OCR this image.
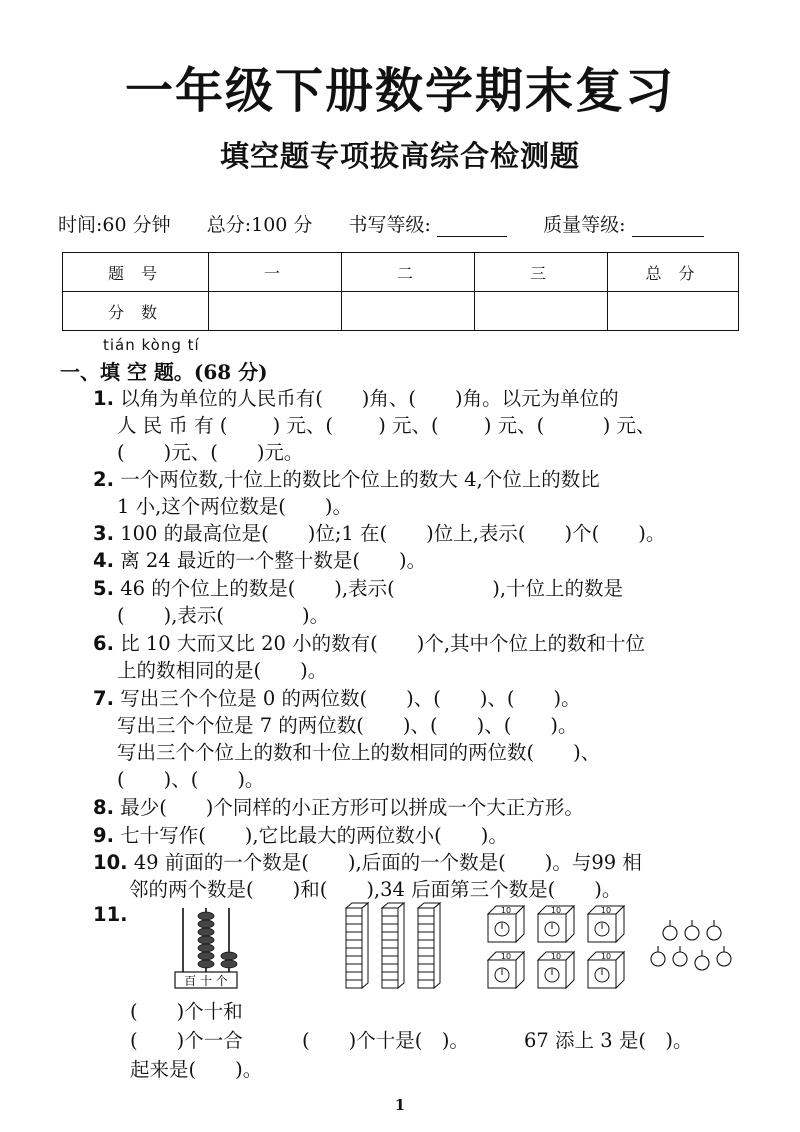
一年级下册数学期末复习
填空题专项拔高综合检测题
时间:60 分钟 总分:100 分 书写等级:	质量等级:
题 号	一	二	三	总 分
分 数				
tián kòng tí
一、填 空 题。(68 分)
1. 以角为单位的人民币有(　　)角、(　　)角。以元为单位的
人 民 币 有 (　　 ) 元、(　　 ) 元、(　　 ) 元、(　　　) 元、
(　　)元、(　　)元。
2. 一个两位数,十位上的数比个位上的数大 4,个位上的数比
1 小,这个两位数是(　　)。
3. 100 的最高位是(　　)位;1 在(　　)位上,表示(　　)个(　　)。
4. 离 24 最近的一个整十数是(　　)。
5. 46 的个位上的数是(　　),表示(　　　　　),十位上的数是
(　　),表示(　　　　)。
6. 比 10 大而又比 20 小的数有(　　)个,其中个位上的数和十位
上的数相同的是(　　)。
7. 写出三个个位是 0 的两位数(　　)、(　　)、(　　)。
写出三个个位是 7 的两位数(　　)、(　　)、(　　)。
写出三个个位上的数和十位上的数相同的两位数(　　)、
(　　)、(　　)。
8. 最少(　　)个同样的小正方形可以拼成一个大正方形。
9. 七十写作(　　),它比最大的两位数小(　　)。
10. 49 前面的一个数是(　　),后面的一个数是(　　)。与99 相
邻的两个数是(　　)和(　　),34 后面第三个数是(　　)。
11.
百 十 个
10	10	10
10	10	10
(　　)个十和
(　　)个一合
起来是(　　)。
(　　)个十是(　)。	67 添上 3 是(　)。
1
